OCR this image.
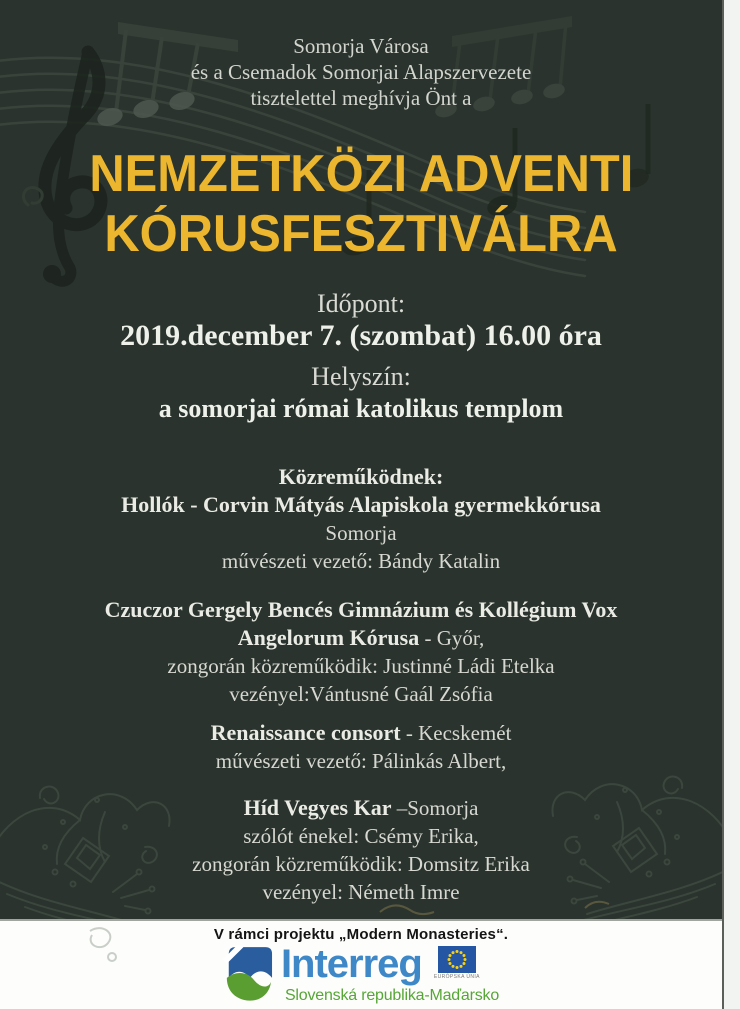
Somorja Városa
és a Csemadok Somorjai Alapszervezete
tisztelettel meghívja Önt a
NEMZETKÖZI ADVENTI
KÓRUSFESZTIVÁLRA
Időpont:
2019.december 7. (szombat) 16.00 óra
Helyszín:
a somorjai római katolikus templom
Közreműködnek:
Hollók - Corvin Mátyás Alapiskola gyermekkórusa
Somorja
művészeti vezető: Bándy Katalin
Czuczor Gergely Bencés Gimnázium és Kollégium Vox Angelorum Kórusa - Győr,
zongorán közreműködik: Justinné Ládi Etelka
vezényel:Vántusné Gaál Zsófia
Renaissance consort - Kecskemét
művészeti vezető: Pálinkás Albert,
Híd Vegyes Kar –Somorja
szólót énekel: Csémy Erika,
zongorán közreműködik: Domsitz Erika
vezényel: Németh Imre
V rámci projektu „Modern Monasteries“.
Interreg EURÓPSKA ÚNIA
Slovenská republika-Maďarsko
